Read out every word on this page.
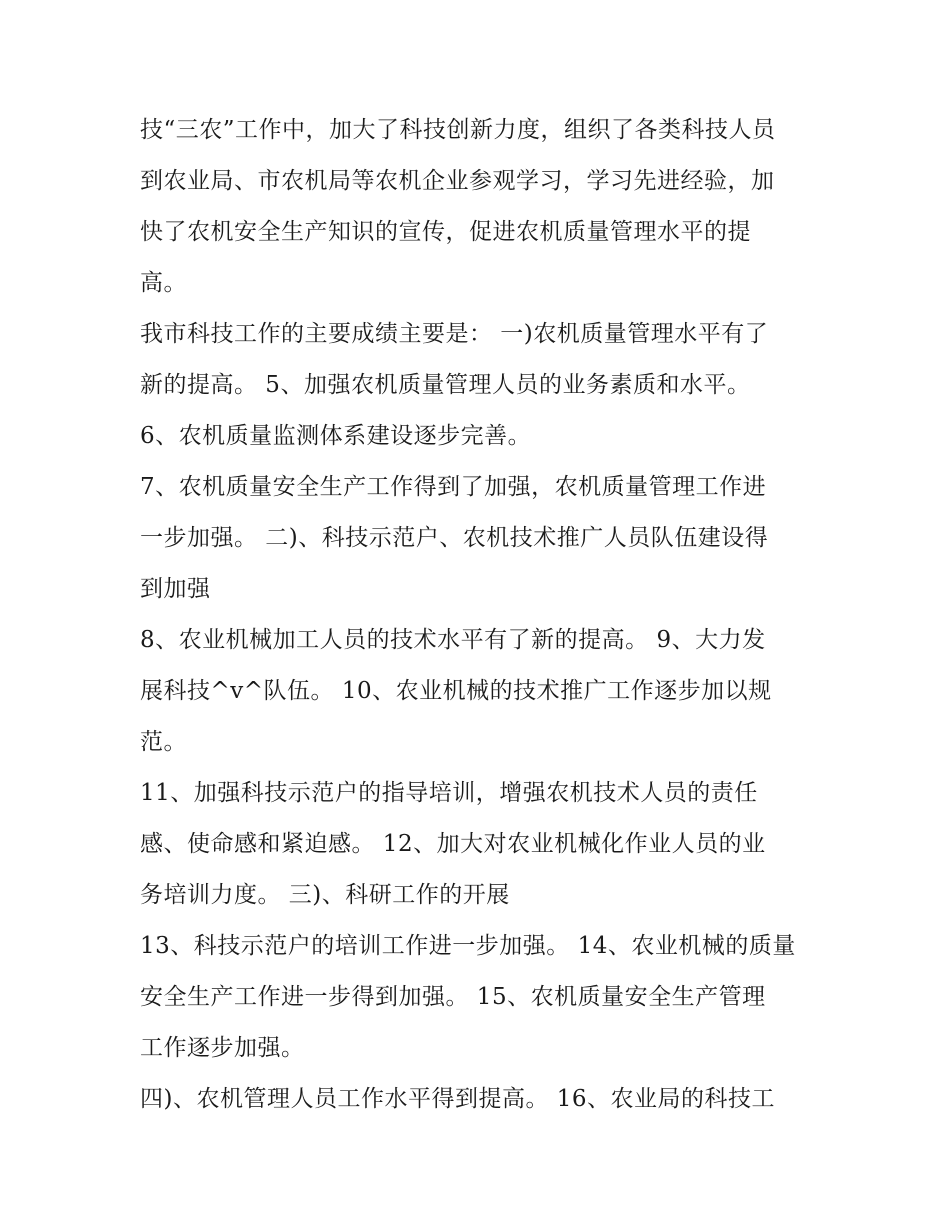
技“三农”工作中，加大了科技创新力度，组织了各类科技人员
到农业局、市农机局等农机企业参观学习，学习先进经验，加
快了农机安全生产知识的宣传，促进农机质量管理水平的提
高。
我市科技工作的主要成绩主要是： 一)农机质量管理水平有了
新的提高。 5、加强农机质量管理人员的业务素质和水平。
6、农机质量监测体系建设逐步完善。
7、农机质量安全生产工作得到了加强，农机质量管理工作进
一步加强。 二)、科技示范户、农机技术推广人员队伍建设得
到加强
8、农业机械加工人员的技术水平有了新的提高。 9、大力发
展科技^v^队伍。 10、农业机械的技术推广工作逐步加以规
范。
11、加强科技示范户的指导培训，增强农机技术人员的责任
感、使命感和紧迫感。 12、加大对农业机械化作业人员的业
务培训力度。 三)、科研工作的开展
13、科技示范户的培训工作进一步加强。 14、农业机械的质量
安全生产工作进一步得到加强。 15、农机质量安全生产管理
工作逐步加强。
四)、农机管理人员工作水平得到提高。 16、农业局的科技工
